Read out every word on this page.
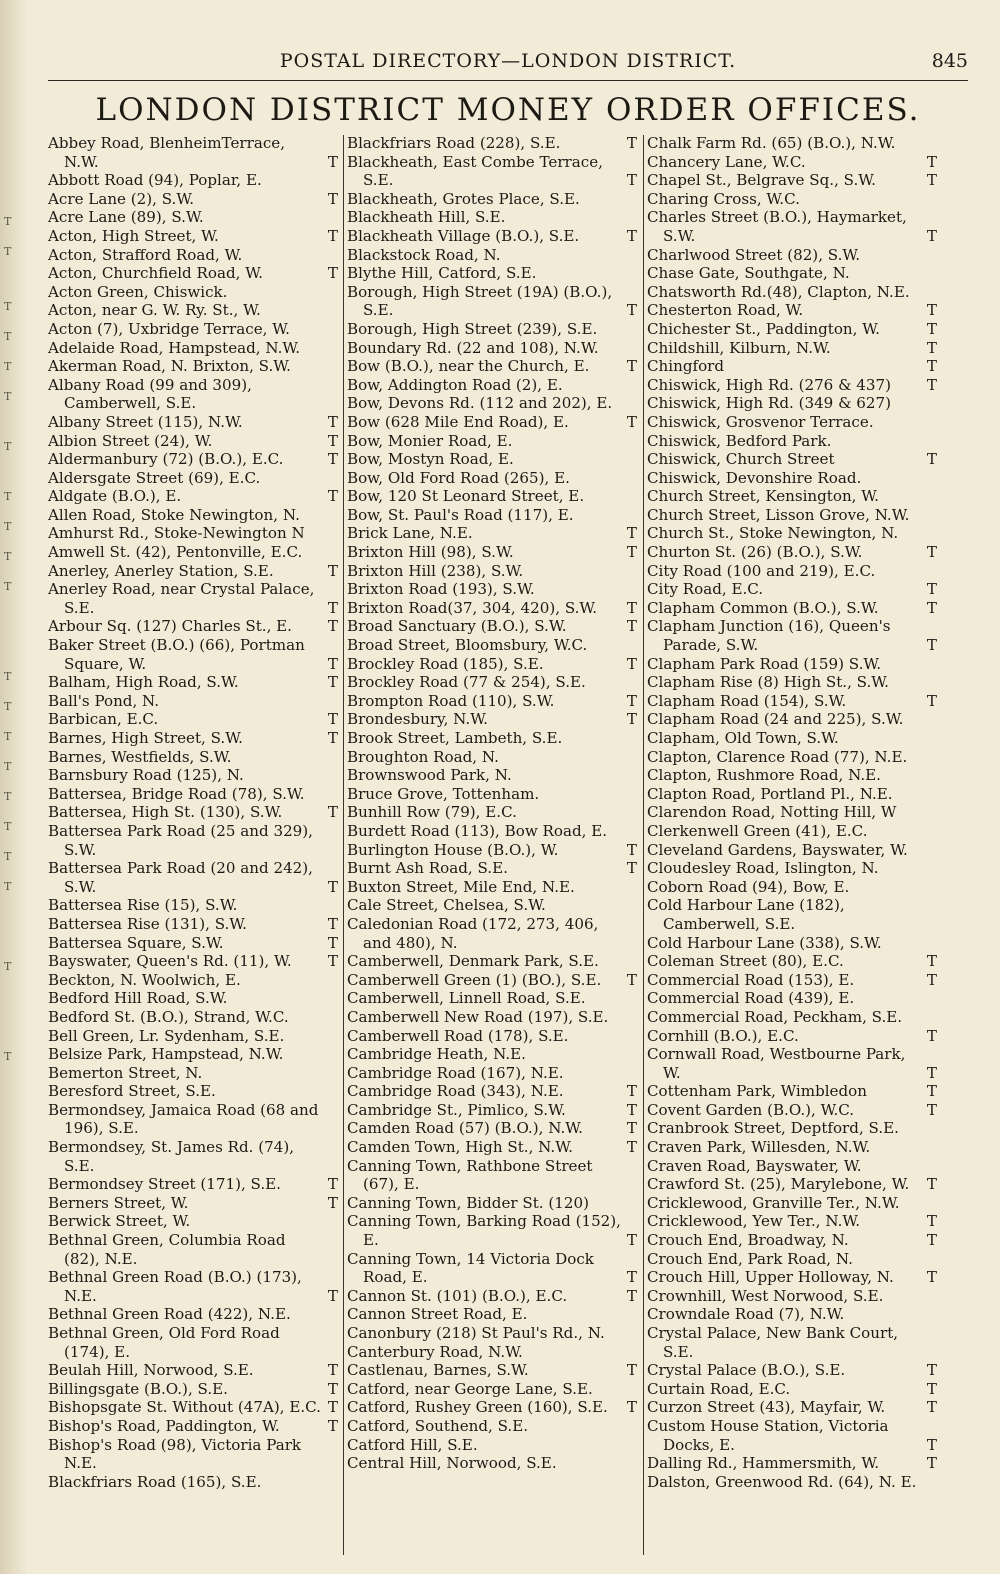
T
T
T
T
T
T
T
T
T
T
T
T
T
T
T
T
T
T
T
T
T
POSTAL DIRECTORY—LONDON DISTRICT.	845
LONDON DISTRICT MONEY ORDER OFFICES.
Abbey Road, BlenheimTerrace, N.W.	T
Abbott Road (94), Poplar, E.
Acre Lane (2), S.W.	T
Acre Lane (89), S.W.
Acton, High Street, W.	T
Acton, Strafford Road, W.
Acton, Churchfield Road, W.	T
Acton Green, Chiswick.
Acton, near G. W. Ry. St., W.
Acton (7), Uxbridge Terrace, W.
Adelaide Road, Hampstead, N.W.
Akerman Road, N. Brixton, S.W.
Albany Road (99 and 309), Camberwell, S.E.
Albany Street (115), N.W.	T
Albion Street (24), W.	T
Aldermanbury (72) (B.O.), E.C.	T
Aldersgate Street (69), E.C.
Aldgate (B.O.), E.	T
Allen Road, Stoke Newington, N.
Amhurst Rd., Stoke-Newington N
Amwell St. (42), Pentonville, E.C.
Anerley, Anerley Station, S.E.	T
Anerley Road, near Crystal Palace, S.E.	T
Arbour Sq. (127) Charles St., E. T
Baker Street (B.O.) (66), Portman Square, W.	T
Balham, High Road, S.W.	T
Ball's Pond, N.
Barbican, E.C.	T
Barnes, High Street, S.W.	T
Barnes, Westfields, S.W.
Barnsbury Road (125), N.
Battersea, Bridge Road (78), S.W.
Battersea, High St. (130), S.W.	T
Battersea Park Road (25 and 329), S.W.
Battersea Park Road (20 and 242), S.W.	T
Battersea Rise (15), S.W.
Battersea Rise (131), S.W.	T
Battersea Square, S.W.	T
Bayswater, Queen's Rd. (11), W. T
Beckton, N. Woolwich, E.
Bedford Hill Road, S.W.
Bedford St. (B.O.), Strand, W.C.
Bell Green, Lr. Sydenham, S.E.
Belsize Park, Hampstead, N.W.
Bemerton Street, N.
Beresford Street, S.E.
Bermondsey, Jamaica Road (68 and 196), S.E.
Bermondsey, St. James Rd. (74), S.E.
Bermondsey Street (171), S.E.	T
Berners Street, W.	T
Berwick Street, W.
Bethnal Green, Columbia Road (82), N.E.
Bethnal Green Road (B.O.) (173), N.E.	T
Bethnal Green Road (422), N.E.
Bethnal Green, Old Ford Road (174), E.
Beulah Hill, Norwood, S.E.	T
Billingsgate (B.O.), S.E.	T
Bishopsgate St. Without (47A), E.C. T
Bishop's Road, Paddington, W.	T
Bishop's Road (98), Victoria Park N.E.
Blackfriars Road (165), S.E.
Blackfriars Road (228), S.E.	T
Blackheath, East Combe Terrace, S.E.	T
Blackheath, Grotes Place, S.E.
Blackheath Hill, S.E.
Blackheath Village (B.O.), S.E.	T
Blackstock Road, N.
Blythe Hill, Catford, S.E.
Borough, High Street (19A) (B.O.), S.E.	T
Borough, High Street (239), S.E.
Boundary Rd. (22 and 108), N.W.
Bow (B.O.), near the Church, E. T
Bow, Addington Road (2), E.
Bow, Devons Rd. (112 and 202), E.
Bow (628 Mile End Road), E.	T
Bow, Monier Road, E.
Bow, Mostyn Road, E.
Bow, Old Ford Road (265), E.
Bow, 120 St Leonard Street, E.
Bow, St. Paul's Road (117), E.
Brick Lane, N.E.	T
Brixton Hill (98), S.W.	T
Brixton Hill (238), S.W.
Brixton Road (193), S.W.
Brixton Road(37, 304, 420), S.W. T
Broad Sanctuary (B.O.), S.W.	T
Broad Street, Bloomsbury, W.C.
Brockley Road (185), S.E.	T
Brockley Road (77 & 254), S.E.
Brompton Road (110), S.W.	T
Brondesbury, N.W.	T
Brook Street, Lambeth, S.E.
Broughton Road, N.
Brownswood Park, N.
Bruce Grove, Tottenham.
Bunhill Row (79), E.C.
Burdett Road (113), Bow Road, E.
Burlington House (B.O.), W.	T
Burnt Ash Road, S.E.	T
Buxton Street, Mile End, N.E.
Cale Street, Chelsea, S.W.
Caledonian Road (172, 273, 406, and 480), N.
Camberwell, Denmark Park, S.E.
Camberwell Green (1) (BO.), S.E. T
Camberwell, Linnell Road, S.E.
Camberwell New Road (197), S.E.
Camberwell Road (178), S.E.
Cambridge Heath, N.E.
Cambridge Road (167), N.E.
Cambridge Road (343), N.E.	T
Cambridge St., Pimlico, S.W.	T
Camden Road (57) (B.O.), N.W.	T
Camden Town, High St., N.W.	T
Canning Town, Rathbone Street (67), E.
Canning Town, Bidder St. (120)
Canning Town, Barking Road (152), E.	T
Canning Town, 14 Victoria Dock Road, E.	T
Cannon St. (101) (B.O.), E.C.	T
Cannon Street Road, E.
Canonbury (218) St Paul's Rd., N.
Canterbury Road, N.W.
Castlenau, Barnes, S.W.	T
Catford, near George Lane, S.E.
Catford, Rushey Green (160), S.E. T
Catford, Southend, S.E.
Catford Hill, S.E.
Central Hill, Norwood, S.E.
Chalk Farm Rd. (65) (B.O.), N.W.
Chancery Lane, W.C.	T
Chapel St., Belgrave Sq., S.W.	T
Charing Cross, W.C.
Charles Street (B.O.), Haymarket, S.W.	T
Charlwood Street (82), S.W.
Chase Gate, Southgate, N.
Chatsworth Rd.(48), Clapton, N.E.
Chesterton Road, W.	T
Chichester St., Paddington, W.	T
Childshill, Kilburn, N.W.	T
Chingford	T
Chiswick, High Rd. (276 & 437) T
Chiswick, High Rd. (349 & 627)
Chiswick, Grosvenor Terrace.
Chiswick, Bedford Park.
Chiswick, Church Street	T
Chiswick, Devonshire Road.
Church Street, Kensington, W.
Church Street, Lisson Grove, N.W.
Church St., Stoke Newington, N.
Churton St. (26) (B.O.), S.W.	T
City Road (100 and 219), E.C.
City Road, E.C.	T
Clapham Common (B.O.), S.W.	T
Clapham Junction (16), Queen's Parade, S.W.	T
Clapham Park Road (159) S.W.
Clapham Rise (8) High St., S.W.
Clapham Road (154), S.W.	T
Clapham Road (24 and 225), S.W.
Clapham, Old Town, S.W.
Clapton, Clarence Road (77), N.E.
Clapton, Rushmore Road, N.E.
Clapton Road, Portland Pl., N.E.
Clarendon Road, Notting Hill, W
Clerkenwell Green (41), E.C.
Cleveland Gardens, Bayswater, W.
Cloudesley Road, Islington, N.
Coborn Road (94), Bow, E.
Cold Harbour Lane (182), Camberwell, S.E.
Cold Harbour Lane (338), S.W.
Coleman Street (80), E.C.	T
Commercial Road (153), E.	T
Commercial Road (439), E.
Commercial Road, Peckham, S.E.
Cornhill (B.O.), E.C.	T
Cornwall Road, Westbourne Park, W.	T
Cottenham Park, Wimbledon	T
Covent Garden (B.O.), W.C.	T
Cranbrook Street, Deptford, S.E.
Craven Park, Willesden, N.W.
Craven Road, Bayswater, W.
Crawford St. (25), Marylebone, W. T
Cricklewood, Granville Ter., N.W.
Cricklewood, Yew Ter., N.W.	T
Crouch End, Broadway, N.	T
Crouch End, Park Road, N.
Crouch Hill, Upper Holloway, N. T
Crownhill, West Norwood, S.E.
Crowndale Road (7), N.W.
Crystal Palace, New Bank Court, S.E.
Crystal Palace (B.O.), S.E.	T
Curtain Road, E.C.	T
Curzon Street (43), Mayfair, W.	T
Custom House Station, Victoria Docks, E.	T
Dalling Rd., Hammersmith, W.	T
Dalston, Greenwood Rd. (64), N. E.
